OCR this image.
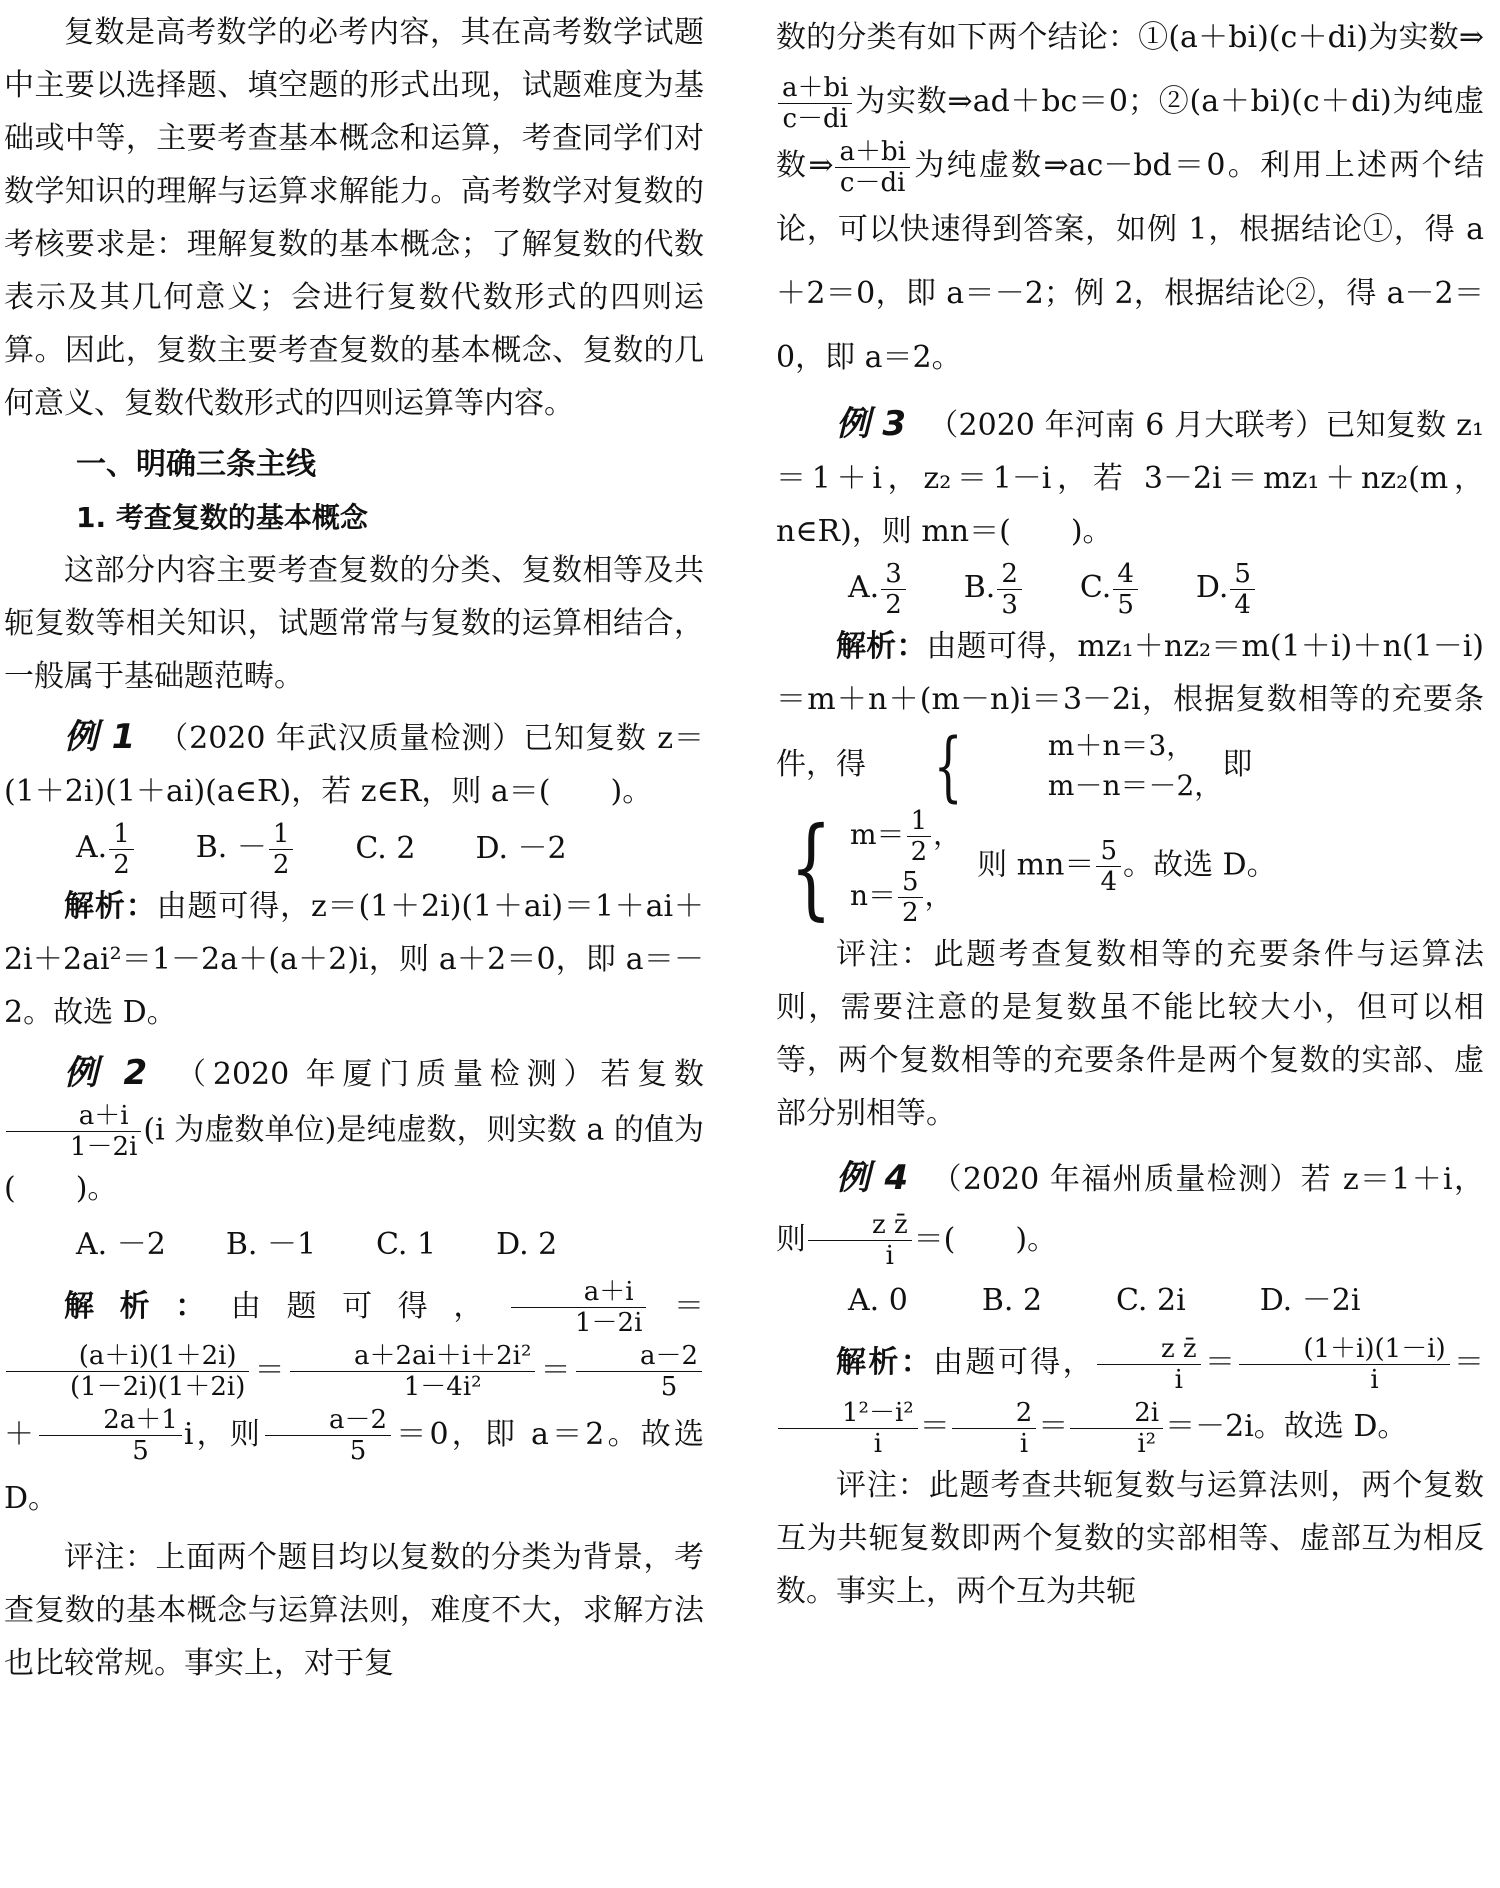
复数是高考数学的必考内容，其在高考数学试题中主要以选择题、填空题的形式出现，试题难度为基础或中等，主要考查基本概念和运算，考查同学们对数学知识的理解与运算求解能力。高考数学对复数的考核要求是：理解复数的基本概念；了解复数的代数表示及其几何意义；会进行复数代数形式的四则运算。因此，复数主要考查复数的基本概念、复数的几何意义、复数代数形式的四则运算等内容。

一、明确三条主线

1. 考查复数的基本概念

这部分内容主要考查复数的分类、复数相等及共轭复数等相关知识，试题常常与复数的运算相结合，一般属于基础题范畴。

例 1 （2020 年武汉质量检测）已知复数 z＝(1＋2i)(1＋ai)(a∈R)，若 z∈R，则 a＝(　　)。

A. $\frac{1}{2} B$. － $\frac{1}{2} C$. 2 D. －2

解析：由题可得，z＝(1＋2i)(1＋ai)＝1＋ai＋2i＋2ai²＝1－2a＋(a＋2)i，则 a＋2＝0，即 a＝－2。故选 D。

例 2 （2020 年厦门质量检测）若复数
$\frac{a+i}{1-2i} (i$ 为虚数单位)是纯虚数，则实数 a 的值为(　　)。

A. －2 B. －1 C. 1 D. 2

解析：由题可得， $\frac{a+i}{1-2i}$ ＝
$\frac{(a+i)(1+2i)}{(1-2i)(1+2i)} = \frac{\text{a＋2ai＋i＋2i²}}{\text{1－4i²}} = \frac{a-2}{5}$
＋ $\frac{2a+1}{5}$ i，则 $\frac{a-2}{5} =0$，即 a＝2。故选 D。

评注：上面两个题目均以复数的分类为背景，考查复数的基本概念与运算法则，难度不大，求解方法也比较常规。事实上，对于复

数的分类有如下两个结论：①(a＋bi)(c＋di)为实数⇒
$\frac{a+bi}{c-di}$ 为实数⇒ad＋bc＝0；②(a＋bi)(c＋di)为纯虚数⇒ $\frac{a+bi}{c-di}$ 为纯虚数⇒ac－bd＝0。利用上述两个结论，可以快速得到答案，如例 1，根据结论①，得 a＋2＝0，即 a＝－2；例 2，根据结论②，得 a－2＝0，即 a＝2。

例 3 （2020 年河南 6 月大联考）已知复数 z₁＝1＋i，z₂＝1－i，若 3－2i＝mz₁＋nz₂(m，n∈R)，则 mn＝(　　)。

A. $\frac{3}{2} B$. $\frac{2}{3} C$. $\frac{4}{5} D$. $\frac{5}{4}$

解析：由题可得，mz₁＋nz₂＝m(1＋i)＋n(1－i)＝m＋n＋(m－n)i＝3－2i，根据复数相等的充要条件，得 {	m＋n＝3，
m－n＝－2，
即

{ $m= \frac{1}{2}$ ，
$n= \frac{5}{2}$ ，
则 $mn= \frac{5}{4}$ 。故选 D。

评注：此题考查复数相等的充要条件与运算法则，需要注意的是复数虽不能比较大小，但可以相等，两个复数相等的充要条件是两个复数的实部、虚部分别相等。

例 4 （2020 年福州质量检测）若 z＝1＋i，则 $\frac{\text{z z̄}}{i}$ ＝(　　)。

A. 0 B. 2 C. 2i D. －2i

解析：由题可得， $\frac{\text{z z̄}}{i} = \frac{(1+i)(1-i)}{i}$ ＝
$\frac{\text{1²－i²}}{i} = \frac{2}{i} = \frac{2i}{\text{i²}} =-2i$。故选 D。

评注：此题考查共轭复数与运算法则，两个复数互为共轭复数即两个复数的实部相等、虚部互为相反数。事实上，两个互为共轭
